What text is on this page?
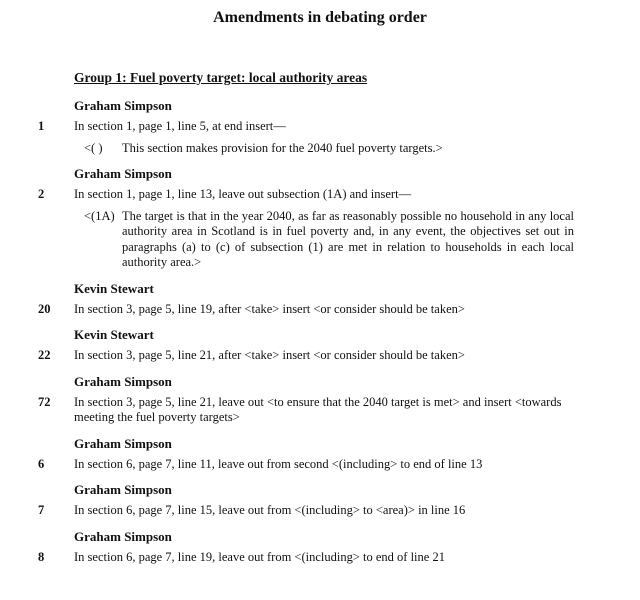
Amendments in debating order
Group 1: Fuel poverty target: local authority areas
Graham Simpson
1 In section 1, page 1, line 5, at end insert—
<( )	This section makes provision for the 2040 fuel poverty targets.>
Graham Simpson
2 In section 1, page 1, line 13, leave out subsection (1A) and insert—
<(1A) The target is that in the year 2040, as far as reasonably possible no household in any local authority area in Scotland is in fuel poverty and, in any event, the objectives set out in paragraphs (a) to (c) of subsection (1) are met in relation to households in each local authority area.>
Kevin Stewart
20 In section 3, page 5, line 19, after <take> insert <or consider should be taken>
Kevin Stewart
22 In section 3, page 5, line 21, after <take> insert <or consider should be taken>
Graham Simpson
72 In section 3, page 5, line 21, leave out <to ensure that the 2040 target is met> and insert <towards meeting the fuel poverty targets>
Graham Simpson
6 In section 6, page 7, line 11, leave out from second <(including> to end of line 13
Graham Simpson
7 In section 6, page 7, line 15, leave out from <(including> to <area)> in line 16
Graham Simpson
8 In section 6, page 7, line 19, leave out from <(including> to end of line 21
